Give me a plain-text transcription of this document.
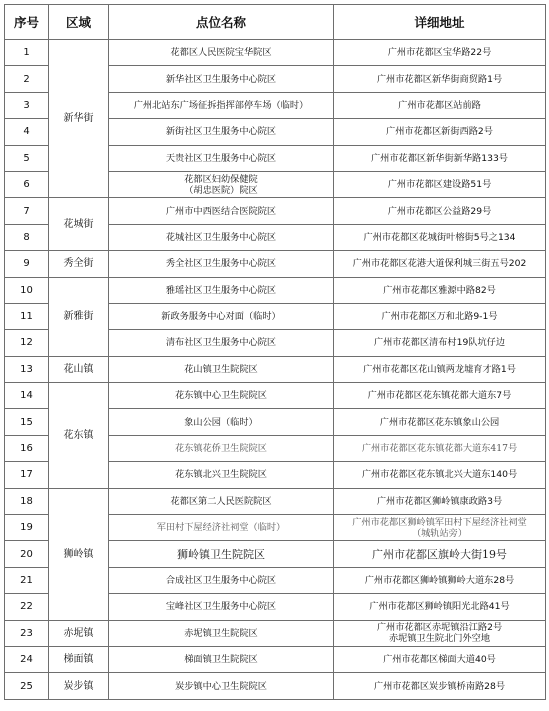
序号	区域	点位名称	详细地址
1	新华街	花都区人民医院宝华院区	广州市花都区宝华路22号
2		新华社区卫生服务中心院区	广州市花都区新华街商贸路1号
3		广州北站东广场征拆指挥部停车场（临时）	广州市花都区站前路
4		新街社区卫生服务中心院区	广州市花都区新街西路2号
5		天贵社区卫生服务中心院区	广州市花都区新华街新华路133号
6		花都区妇幼保健院
（胡忠医院）院区	广州市花都区建设路51号
7	花城街	广州市中西医结合医院院区	广州市花都区公益路29号
8		花城社区卫生服务中心院区	广州市花都区花城街叶榕街5号之134
9	秀全街	秀全社区卫生服务中心院区	广州市花都区花港大道保利城三街五号202
10	新雅街	雅瑶社区卫生服务中心院区	广州市花都区雅源中路82号
11		新政务服务中心对面（临时）	广州市花都区万和北路9-1号
12		清布社区卫生服务中心院区	广州市花都区清布村19队坑仔边
13	花山镇	花山镇卫生院院区	广州市花都区花山镇两龙墟育才路1号
14	花东镇	花东镇中心卫生院院区	广州市花都区花东镇花都大道东7号
15		象山公园（临时）	广州市花都区花东镇象山公园
16		花东镇花侨卫生院院区	广州市花都区花东镇花都大道东417号
17		花东镇北兴卫生院院区	广州市花都区花东镇北兴大道东140号
18	狮岭镇	花都区第二人民医院院区	广州市花都区狮岭镇康政路3号
19		军田村下屋经济社祠堂（临时）	广州市花都区狮岭镇军田村下屋经济社祠堂
（城轨站旁）

20		狮岭镇卫生院院区	广州市花都区旗岭大街19号
21		合成社区卫生服务中心院区	广州市花都区狮岭镇狮岭大道东28号
22		宝峰社区卫生服务中心院区	广州市花都区狮岭镇阳光北路41号
23	赤坭镇	赤坭镇卫生院院区	广州市花都区赤坭镇沿江路2号
赤坭镇卫生院北门外空地

24	梯面镇	梯面镇卫生院院区	广州市花都区梯面大道40号
25	炭步镇	炭步镇中心卫生院院区	广州市花都区炭步镇桥南路28号
